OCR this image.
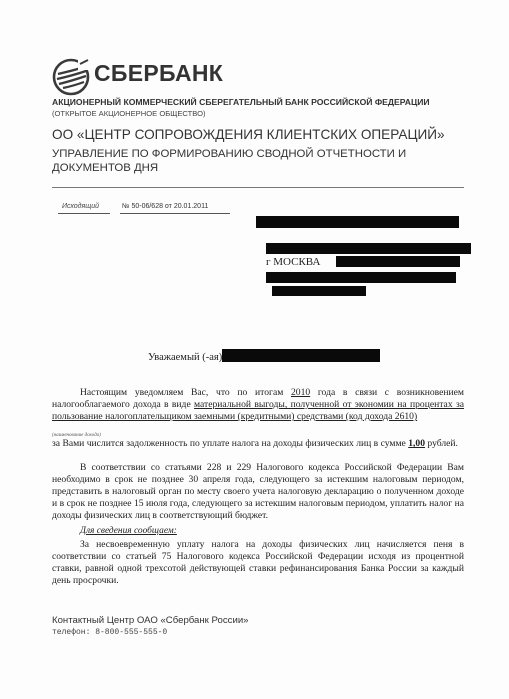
СБЕРБАНК
АКЦИОНЕРНЫЙ КОММЕРЧЕСКИЙ СБЕРЕГАТЕЛЬНЫЙ БАНК РОССИЙСКОЙ ФЕДЕРАЦИИ
(ОТКРЫТОЕ АКЦИОНЕРНОЕ ОБЩЕСТВО)
ОО «ЦЕНТР СОПРОВОЖДЕНИЯ КЛИЕНТСКИХ ОПЕРАЦИЙ»
УПРАВЛЕНИЕ ПО ФОРМИРОВАНИЮ СВОДНОЙ ОТЧЕТНОСТИ И ДОКУМЕНТОВ ДНЯ
Исходящий	№ 50-06/628 от 20.01.2011
г МОСКВА
Уважаемый (-ая)
Настоящим уведомляем Вас, что по итогам 2010 года в связи с возникновением налогооблагаемого дохода в виде материальной выгоды, полученной от экономии на процентах за пользование налогоплательщиком заемными (кредитными) средствами (код дохода 2610)
(наименование дохода)
за Вами числится задолженность по уплате налога на доходы физических лиц в сумме 1,00 рублей.
В соответствии со статьями 228 и 229 Налогового кодекса Российской Федерации Вам необходимо в срок не позднее 30 апреля года, следующего за истекшим налоговым периодом, представить в налоговый орган по месту своего учета налоговую декларацию о полученном доходе и в срок не позднее 15 июля года, следующего за истекшим налоговым периодом, уплатить налог на доходы физических лиц в соответствующий бюджет.
Для сведения сообщаем:
За несвоевременную уплату налога на доходы физических лиц начисляется пеня в соответствии со статьей 75 Налогового кодекса Российской Федерации исходя из процентной ставки, равной одной трехсотой действующей ставки рефинансирования Банка России за каждый день просрочки.
Контактный Центр ОАО «Сбербанк России»
телефон: 8-800-555-555-0
